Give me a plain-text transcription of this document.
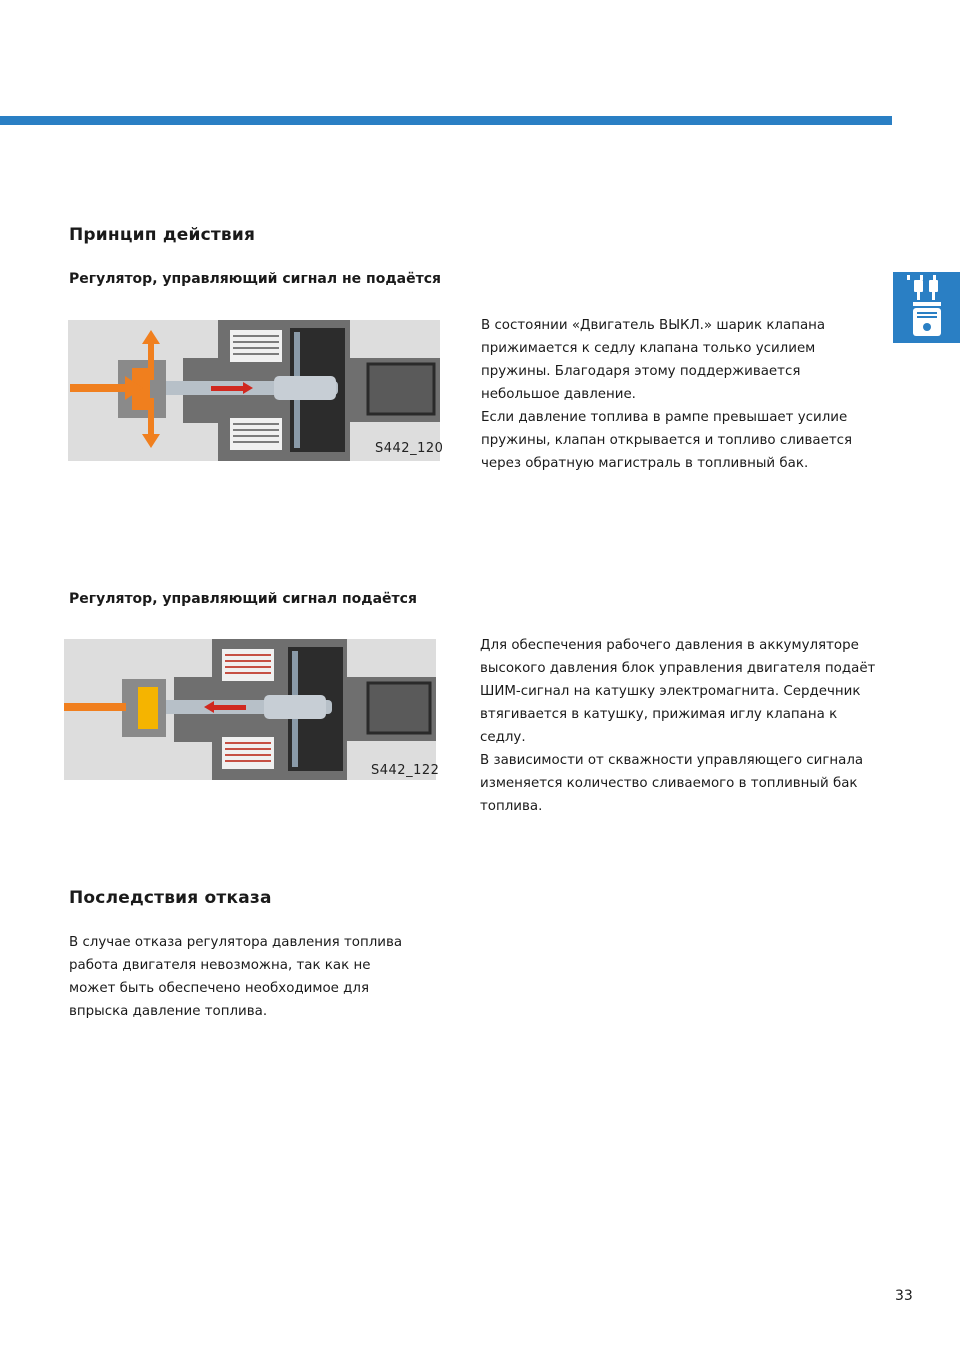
Принцип действия
Регулятор, управляющий сигнал не подаётся
S442_120

В состоянии «Двигатель ВЫКЛ.» шарик клапана прижимается к седлу клапана только усилием пружины. Благодаря этому поддерживается небольшое давление.

Если давление топлива в рампе превышает усилие пружины, клапан открывается и топливо сливается через обратную магистраль в топливный бак.

Регулятор, управляющий сигнал подаётся
S442_122

Для обеспечения рабочего давления в аккумуляторе высокого давления блок управления двигателя подаёт ШИМ-сигнал на катушку электромагнита. Сердечник втягивается в катушку, прижимая иглу клапана к седлу.

В зависимости от скважности управляющего сигнала изменяется количество сливаемого в топливный бак топлива.

Последствия отказа

В случае отказа регулятора давления топлива работа двигателя невозможна, так как не может быть обеспечено необходимое для впрыска давление топлива.

33
